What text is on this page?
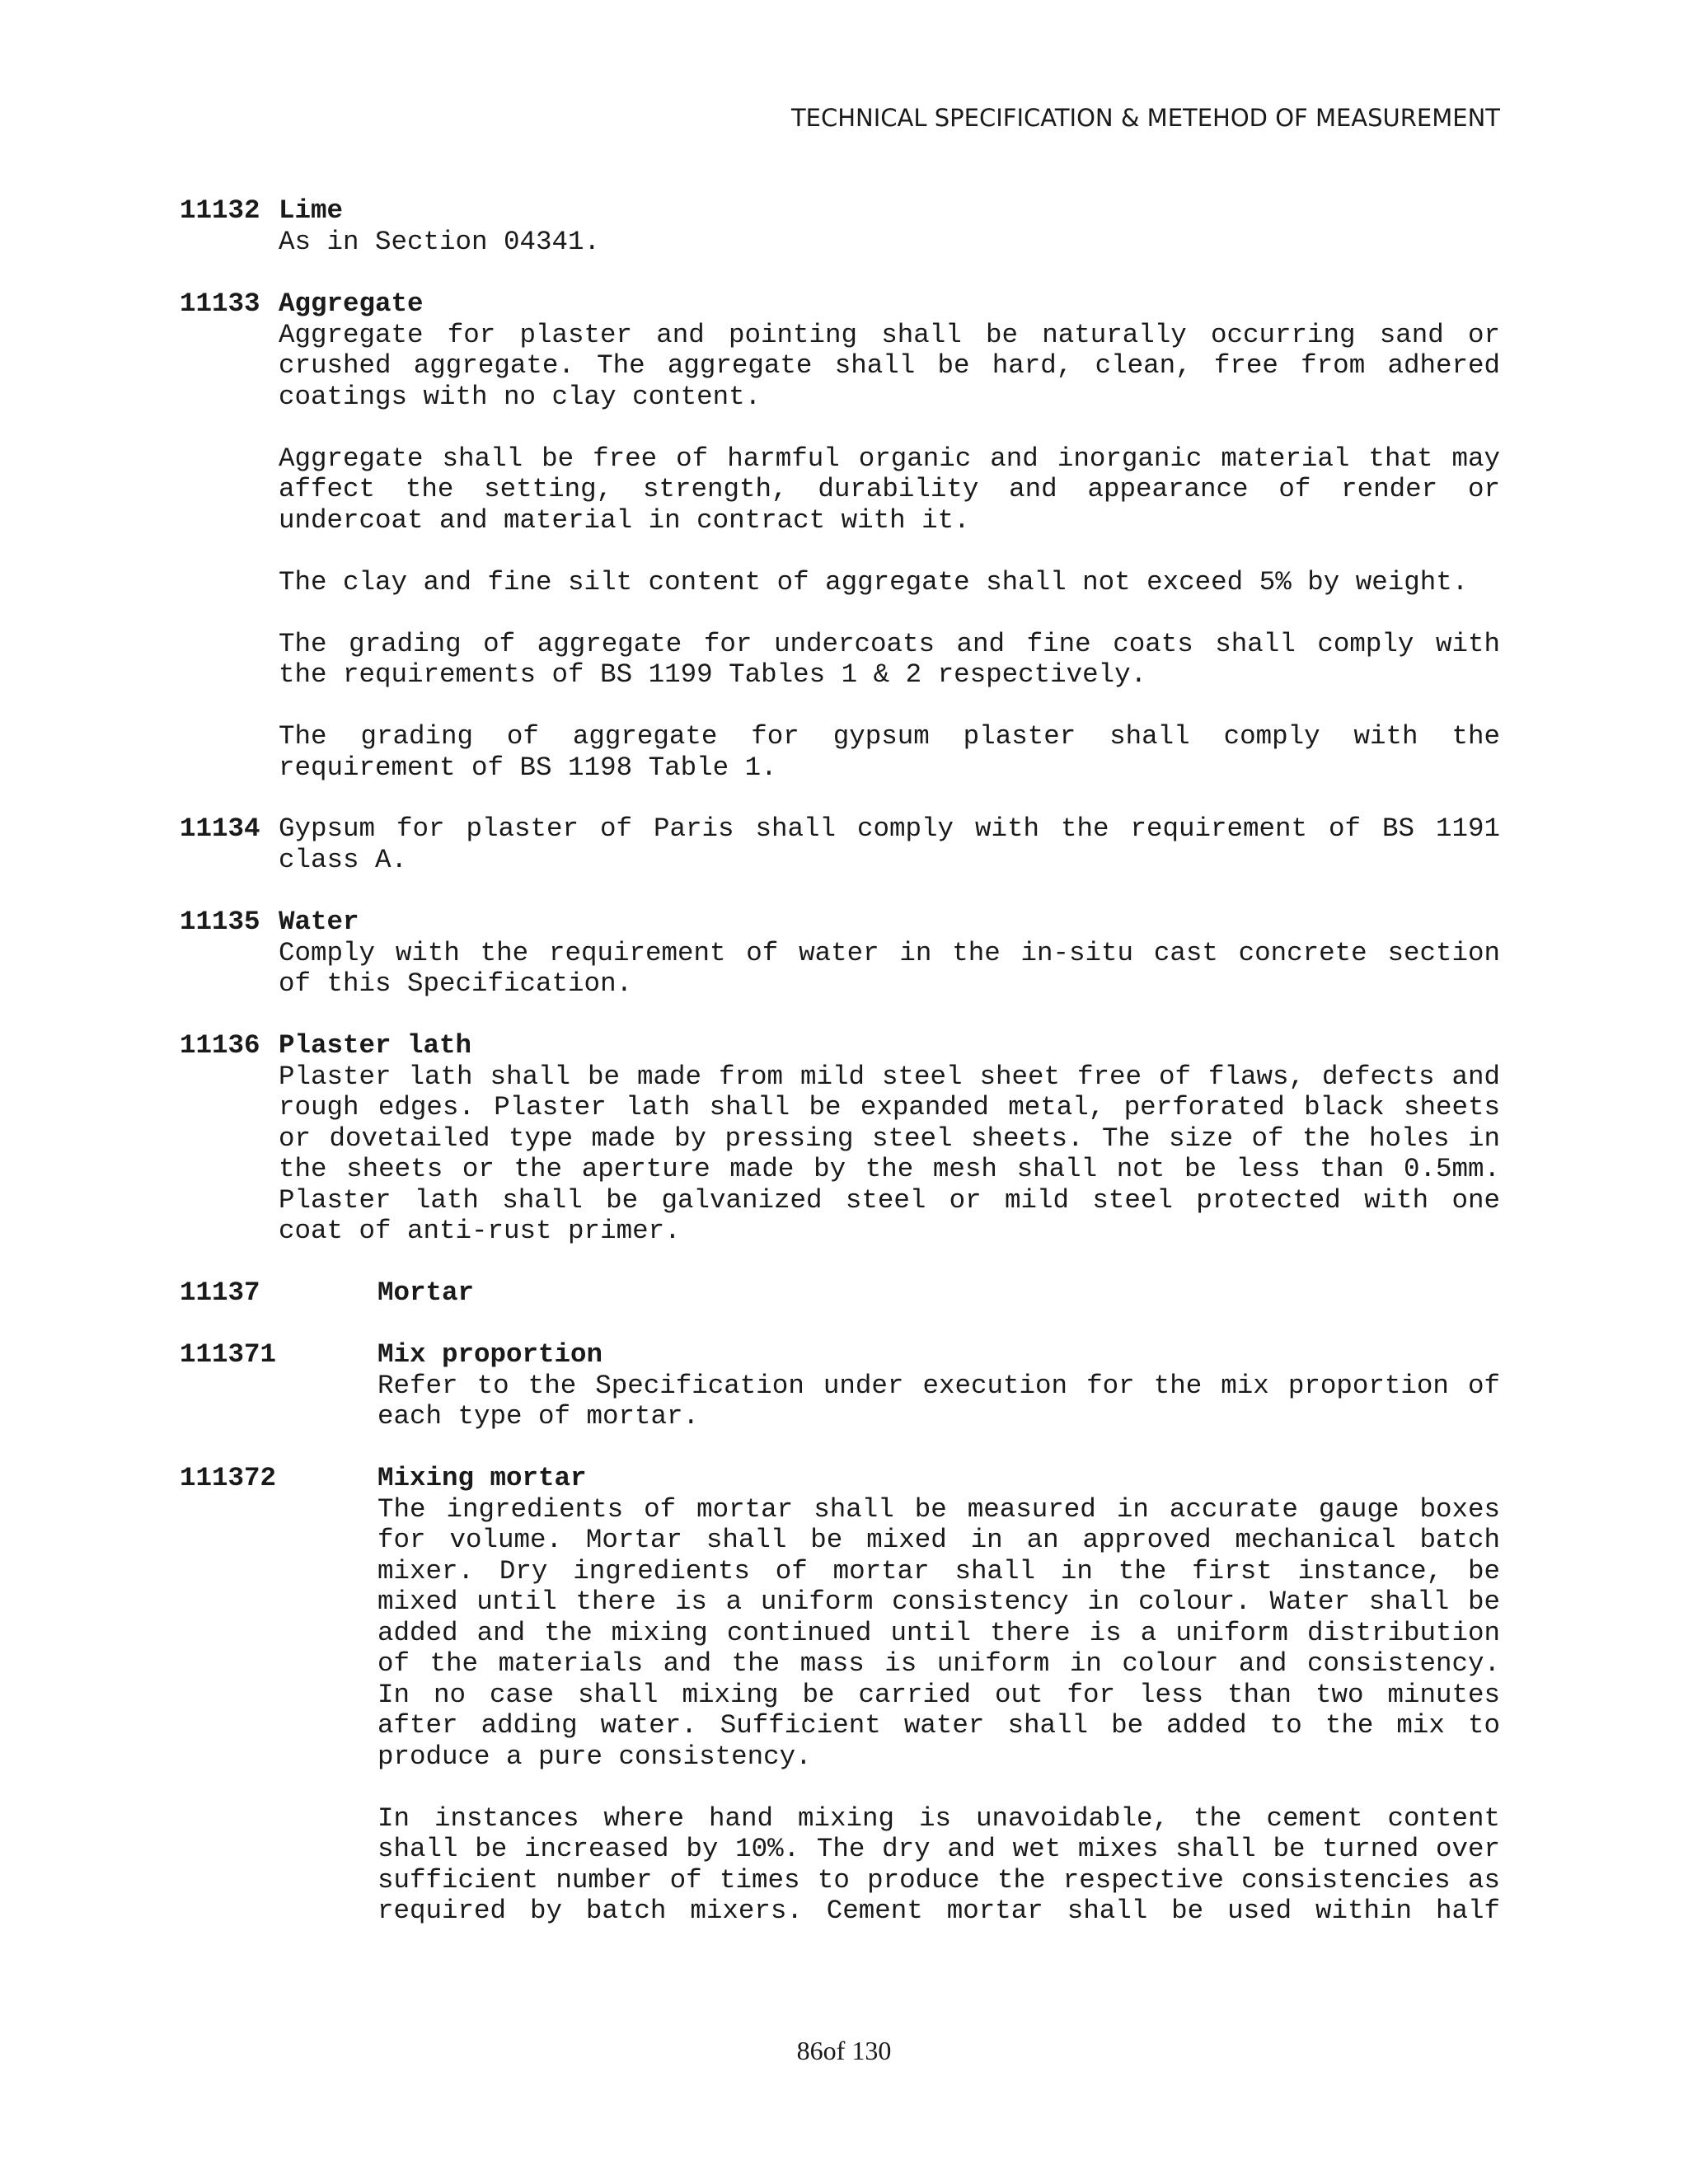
TECHNICAL SPECIFICATION & METEHOD OF MEASUREMENT
11132 Lime
As in Section 04341.
11133 Aggregate
Aggregate for plaster and pointing shall be naturally occurring sand or crushed aggregate. The aggregate shall be hard, clean, free from adhered coatings with no clay content.
Aggregate shall be free of harmful organic and inorganic material that may affect the setting, strength, durability and appearance of render or undercoat and material in contract with it.
The clay and fine silt content of aggregate shall not exceed 5% by weight.
The grading of aggregate for undercoats and fine coats shall comply with the requirements of BS 1199 Tables 1 & 2 respectively.
The grading of aggregate for gypsum plaster shall comply with the requirement of BS 1198 Table 1.
11134 Gypsum for plaster of Paris shall comply with the requirement of BS 1191 class A.
11135 Water
Comply with the requirement of water in the in-situ cast concrete section of this Specification.
11136 Plaster lath
Plaster lath shall be made from mild steel sheet free of flaws, defects and rough edges. Plaster lath shall be expanded metal, perforated black sheets or dovetailed type made by pressing steel sheets. The size of the holes in the sheets or the aperture made by the mesh shall not be less than 0.5mm. Plaster lath shall be galvanized steel or mild steel protected with one coat of anti-rust primer.
11137	Mortar
111371	Mix proportion
Refer to the Specification under execution for the mix proportion of each type of mortar.
111372	Mixing mortar
The ingredients of mortar shall be measured in accurate gauge boxes for volume. Mortar shall be mixed in an approved mechanical batch mixer. Dry ingredients of mortar shall in the first instance, be mixed until there is a uniform consistency in colour. Water shall be added and the mixing continued until there is a uniform distribution of the materials and the mass is uniform in colour and consistency. In no case shall mixing be carried out for less than two minutes after adding water. Sufficient water shall be added to the mix to produce a pure consistency.
In instances where hand mixing is unavoidable, the cement content shall be increased by 10%. The dry and wet mixes shall be turned over sufficient number of times to produce the respective consistencies as required by batch mixers. Cement mortar shall be used within half
86of 130
